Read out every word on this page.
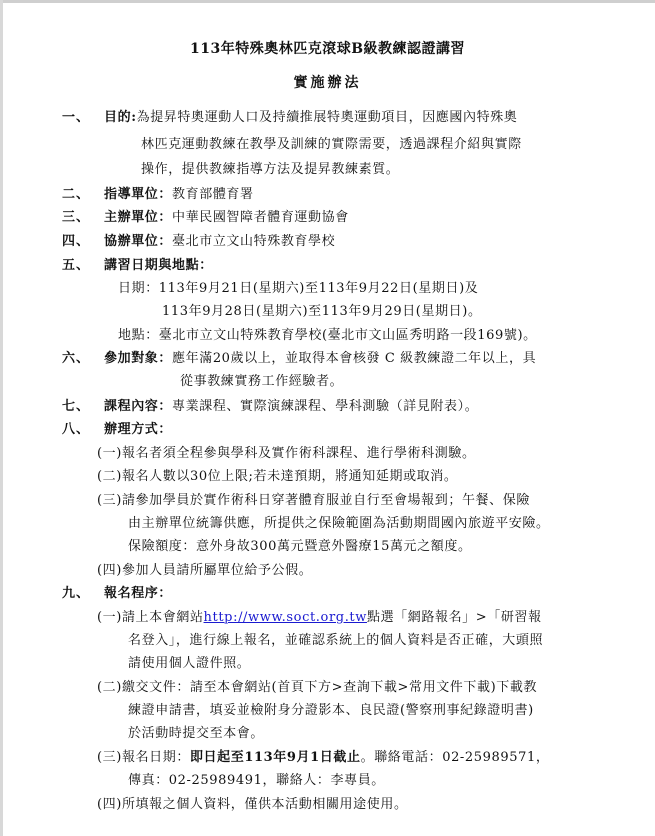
113年特殊奧林匹克滾球B級教練認證講習
實施辦法
一、 目的:為提昇特奧運動人口及持續推展特奧運動項目，因應國內特殊奧
林匹克運動教練在教學及訓練的實際需要，透過課程介紹與實際
操作，提供教練指導方法及提昇教練素質。
二、 指導單位：教育部體育署
三、 主辦單位：中華民國智障者體育運動協會
四、 協辦單位：臺北市立文山特殊教育學校
五、 講習日期與地點：
日期：113年9月21日(星期六)至113年9月22日(星期日)及
113年9月28日(星期六)至113年9月29日(星期日)。
地點：臺北市立文山特殊教育學校(臺北市文山區秀明路一段169號)。
六、 參加對象：應年滿20歲以上，並取得本會核發 C 級教練證二年以上，具
從事教練實務工作經驗者。
七、 課程內容：專業課程、實際演練課程、學科測驗（詳見附表）。
八、 辦理方式：
(一)報名者須全程參與學科及實作術科課程、進行學術科測驗。
(二)報名人數以30位上限;若未達預期，將通知延期或取消。
(三)請參加學員於實作術科日穿著體育服並自行至會場報到；午餐、保險
由主辦單位統籌供應，所提供之保險範圍為活動期間國內旅遊平安險。
保險額度：意外身故300萬元暨意外醫療15萬元之額度。
(四)參加人員請所屬單位給予公假。
九、 報名程序：
(一)請上本會網站http://www.soct.org.tw點選「網路報名」>「研習報
名登入」，進行線上報名，並確認系統上的個人資料是否正確，大頭照
請使用個人證件照。
(二)繳交文件：請至本會網站(首頁下方>查詢下載>常用文件下載)下載教
練證申請書，填妥並檢附身分證影本、良民證(警察刑事紀錄證明書)
於活動時提交至本會。
(三)報名日期：即日起至113年9月1日截止。聯絡電話：02-25989571，
傳真：02-25989491，聯絡人：李專員。
(四)所填報之個人資料，僅供本活動相關用途使用。
